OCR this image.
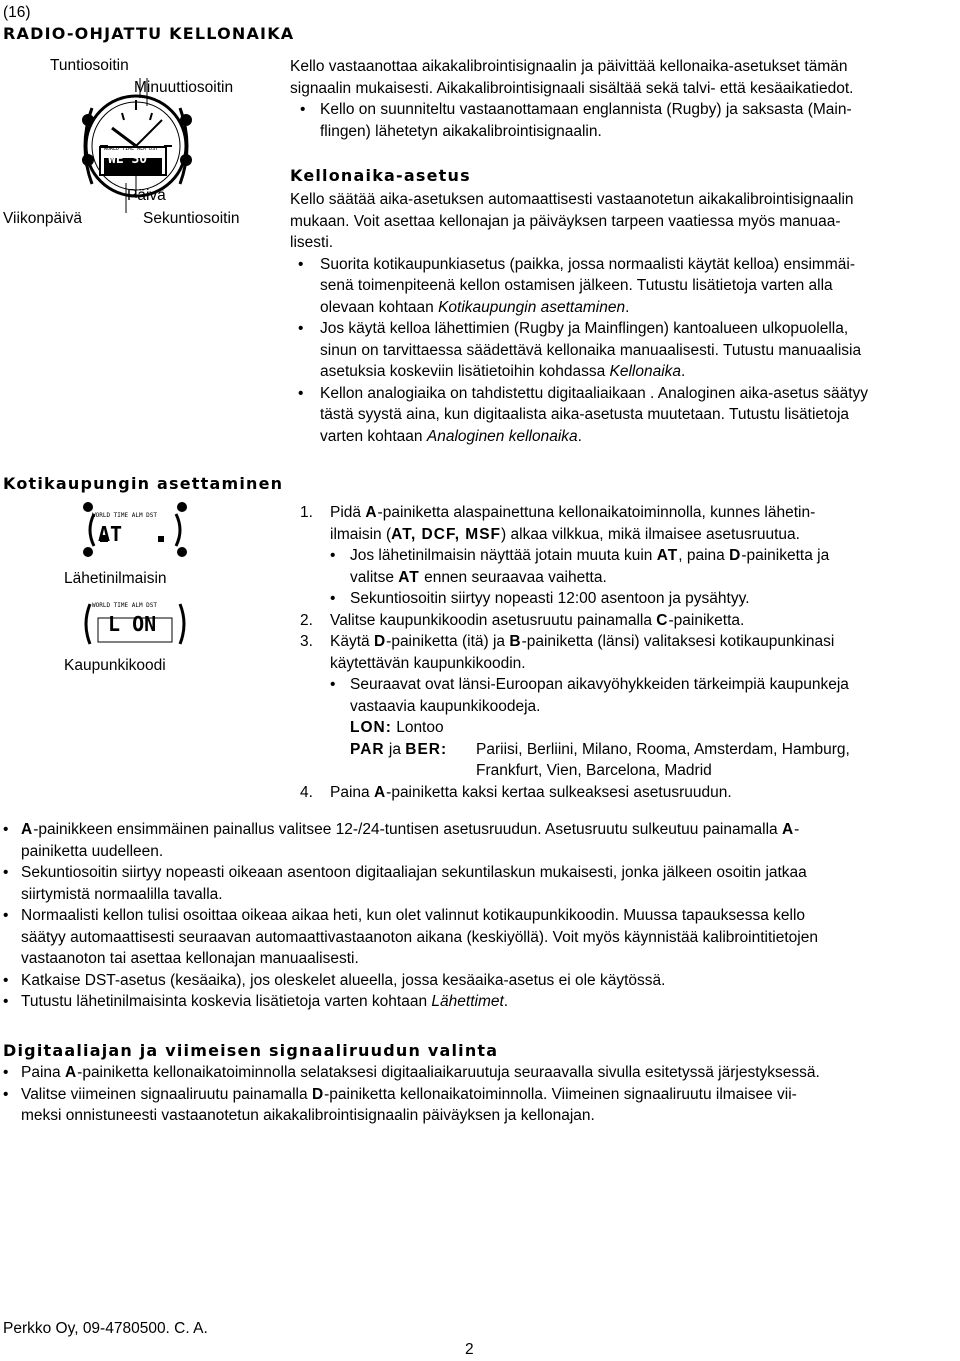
(16)
RADIO-OHJATTU KELLONAIKA
Tuntiosoitin
Minuuttiosoitin
Päivä
Viikonpäivä	Sekuntiosoitin
WORLD TIME ALM DST
WE 30

Kello vastaanottaa aikakalibrointisignaalin ja päivittää kellonaika-asetukset tämän

signaalin mukaisesti. Aikakalibrointisignaali sisältää sekä talvi- että kesäaikatiedot.

• Kello on suunniteltu vastaanottamaan englannista (Rugby) ja saksasta (Main-

flingen) lähetetyn aikakalibrointisignaalin.

Kellonaika-asetus

Kello säätää aika-asetuksen automaattisesti vastaanotetun aikakalibrointisignaalin

mukaan. Voit asettaa kellonajan ja päiväyksen tarpeen vaatiessa myös manuaa-

lisesti.

• Suorita kotikaupunkiasetus (paikka, jossa normaalisti käytät kelloa) ensimmäi-

senä toimenpiteenä kellon ostamisen jälkeen. Tutustu lisätietoja varten alla

olevaan kohtaan Kotikaupungin asettaminen.

• Jos käytä kelloa lähettimien (Rugby ja Mainflingen) kantoalueen ulkopuolella,

sinun on tarvittaessa säädettävä kellonaika manuaalisesti. Tutustu manuaalisia

asetuksia koskeviin lisätietoihin kohdassa Kellonaika.

• Kellon analogiaika on tahdistettu digitaaliaikaan . Analoginen aika-asetus säätyy

tästä syystä aina, kun digitaalista aika-asetusta muutetaan. Tutustu lisätietoja

varten kohtaan Analoginen kellonaika.

Kotikaupungin asettaminen
WORLD TIME ALM DST
AT
Lähetinilmaisin
WORLD TIME ALM DST
L ON
Kaupunkikoodi
1. Pidä A-painiketta alaspainettuna kellonaikatoiminnolla, kunnes lähetin-

ilmaisin (AT, DCF, MSF) alkaa vilkkua, mikä ilmaisee asetusruutua.

• Jos lähetinilmaisin näyttää jotain muuta kuin AT, paina D-painiketta ja

valitse AT ennen seuraavaa vaihetta.

• Sekuntiosoitin siirtyy nopeasti 12:00 asentoon ja pysähtyy.

2. Valitse kaupunkikoodin asetusruutu painamalla C-painiketta.

3. Käytä D-painiketta (itä) ja B-painiketta (länsi) valitaksesi kotikaupunkinasi

käytettävän kaupunkikoodin.

• Seuraavat ovat länsi-Euroopan aikavyöhykkeiden tärkeimpiä kaupunkeja

vastaavia kaupunkikoodeja.

LON: Lontoo

PAR ja BER:	Pariisi, Berliini, Milano, Rooma, Amsterdam, Hamburg,

Frankfurt, Vien, Barcelona, Madrid

4. Paina A-painiketta kaksi kertaa sulkeaksesi asetusruudun.

• A-painikkeen ensimmäinen painallus valitsee 12-/24-tuntisen asetusruudun. Asetusruutu sulkeutuu painamalla A-

painiketta uudelleen.

• Sekuntiosoitin siirtyy nopeasti oikeaan asentoon digitaaliajan sekuntilaskun mukaisesti, jonka jälkeen osoitin jatkaa

siirtymistä normaalilla tavalla.

• Normaalisti kellon tulisi osoittaa oikeaa aikaa heti, kun olet valinnut kotikaupunkikoodin. Muussa tapauksessa kello

säätyy automaattisesti seuraavan automaattivastaanoton aikana (keskiyöllä). Voit myös käynnistää kalibrointitietojen

vastaanoton tai asettaa kellonajan manuaalisesti.

• Katkaise DST-asetus (kesäaika), jos oleskelet alueella, jossa kesäaika-asetus ei ole käytössä.

• Tutustu lähetinilmaisinta koskevia lisätietoja varten kohtaan Lähettimet.

Digitaaliajan ja viimeisen signaaliruudun valinta
• Paina A-painiketta kellonaikatoiminnolla selataksesi digitaaliaikaruutuja seuraavalla sivulla esitetyssä järjestyksessä.

• Valitse viimeinen signaaliruutu painamalla D-painiketta kellonaikatoiminnolla. Viimeinen signaaliruutu ilmaisee vii-

meksi onnistuneesti vastaanotetun aikakalibrointisignaalin päiväyksen ja kellonajan.

Perkko Oy, 09-4780500. C. A.
2
